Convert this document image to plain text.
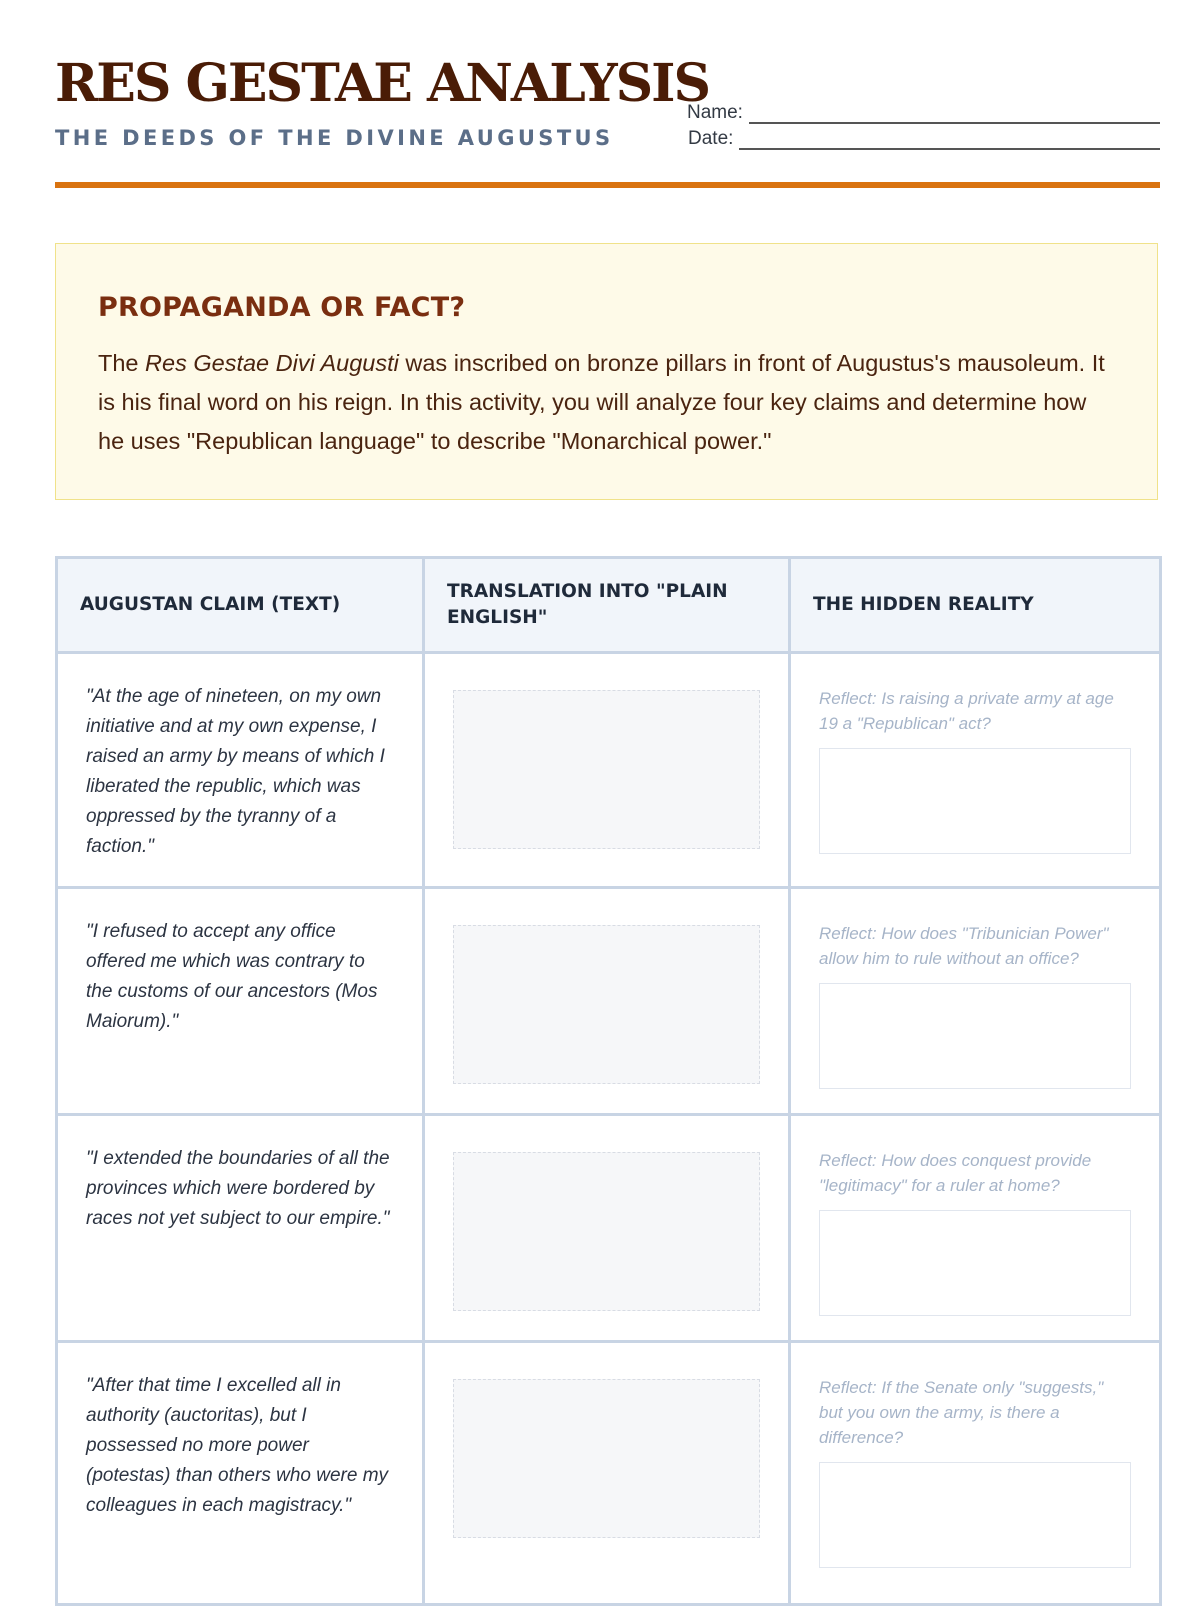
RES GESTAE ANALYSIS
THE DEEDS OF THE DIVINE AUGUSTUS
Name:
Date:
PROPAGANDA OR FACT?

The Res Gestae Divi Augusti was inscribed on bronze pillars in front of Augustus's mausoleum. It is his final word on his reign. In this activity, you will analyze four key claims and determine how he uses "Republican language" to describe "Monarchical power."

AUGUSTAN CLAIM (TEXT)	TRANSLATION INTO "PLAIN ENGLISH"	THE HIDDEN REALITY

"At the age of nineteen, on my own initiative and at my own expense, I raised an army by means of which I liberated the republic, which was oppressed by the tyranny of a faction."		Reflect: Is raising a private army at age 19 a "Republican" act?

"I refused to accept any office offered me which was contrary to the customs of our ancestors (Mos Maiorum)."		Reflect: How does "Tribunician Power" allow him to rule without an office?

"I extended the boundaries of all the provinces which were bordered by races not yet subject to our empire."		Reflect: How does conquest provide "legitimacy" for a ruler at home?

"After that time I excelled all in authority (auctoritas), but I possessed no more power (potestas) than others who were my colleagues in each magistracy."		Reflect: If the Senate only "suggests," but you own the army, is there a difference?
